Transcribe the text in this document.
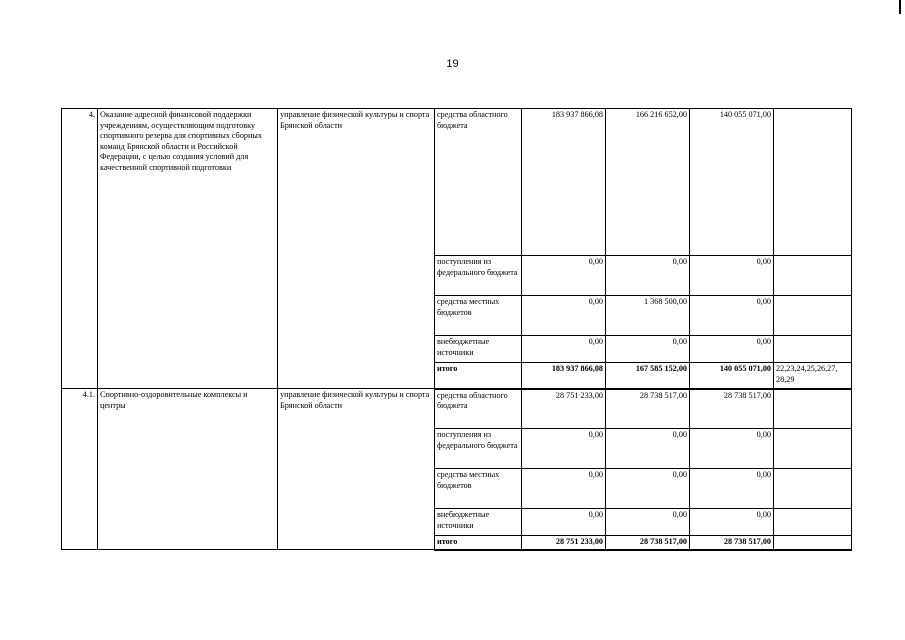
19
4.	Оказание адресной финансовой поддержки учреждениям, осуществляющим подготовку спортивного резерва для спортивных сборных команд Брянской области и Российской Федерации, с целью создания условий для качественной спортивной подготовки	управление физической культуры и спорта Брянской области	средства областного бюджета	183 937 866,08	166 216 652,00	140 055 071,00	
			поступления из федерального бюджета	0,00	0,00	0,00	
			средства местных бюджетов	0,00	1 368 500,00	0,00	
			внебюджетные источники	0,00	0,00	0,00	
			итого	183 937 866,08	167 585 152,00	140 055 071,00	22,23,24,25,26,27, 28,29
4.1.	Спортивно-оздоровительные комплексы и центры	управление физической культуры и спорта Брянской области	средства областного бюджета	28 751 233,00	28 738 517,00	28 738 517,00	
			поступления из федерального бюджета	0,00	0,00	0,00	
			средства местных бюджетов	0,00	0,00	0,00	
			внебюджетные источники	0,00	0,00	0,00	
			итого	28 751 233,00	28 738 517,00	28 738 517,00	
